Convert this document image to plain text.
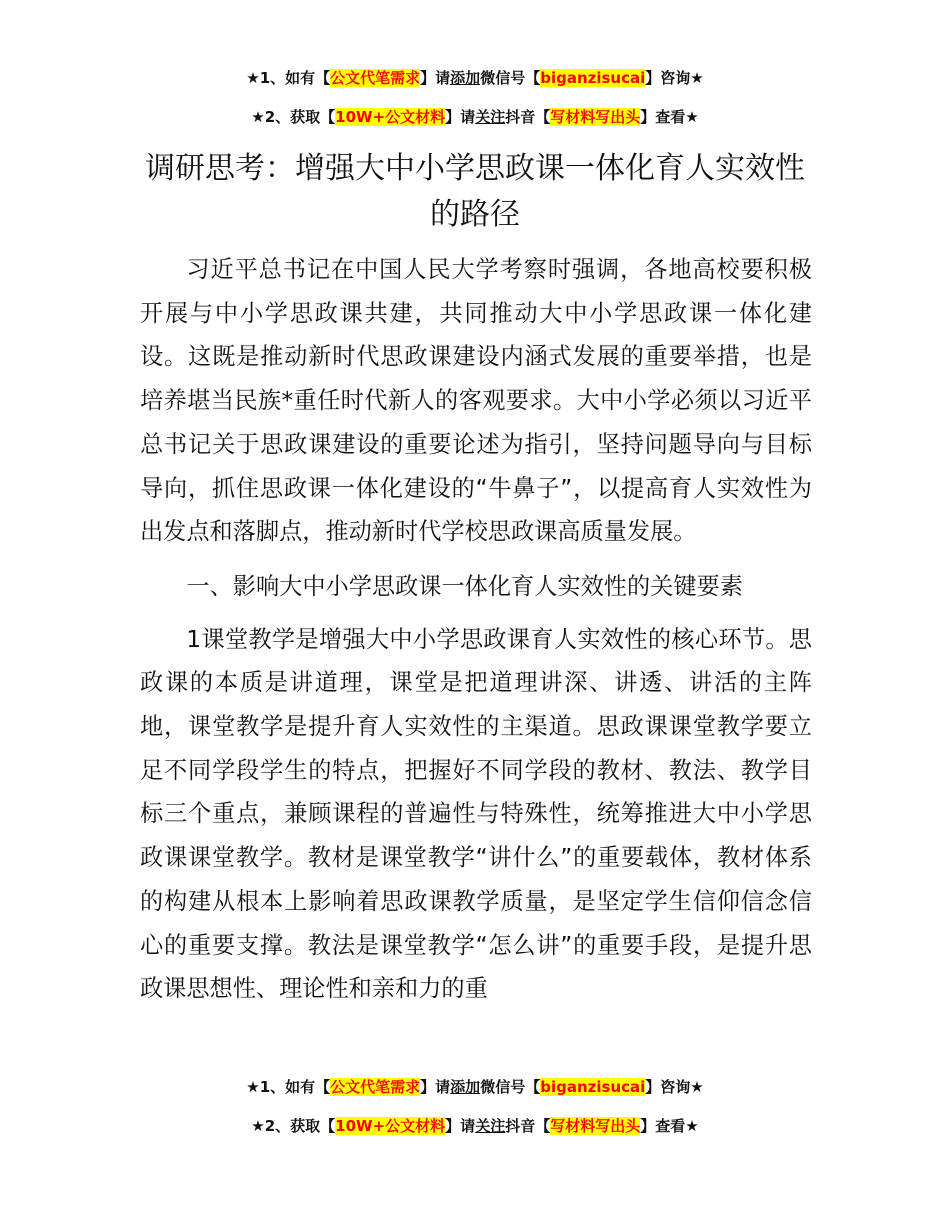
★1、如有【公文代笔需求】请添加微信号【biganzisucai】咨询★
★2、获取【10W+公文材料】请关注抖音【写材料写出头】查看★
调研思考：增强大中小学思政课一体化育人实效性的路径

习近平总书记在中国人民大学考察时强调，各地高校要积极开展与中小学思政课共建，共同推动大中小学思政课一体化建设。这既是推动新时代思政课建设内涵式发展的重要举措，也是培养堪当民族*重任时代新人的客观要求。大中小学必须以习近平总书记关于思政课建设的重要论述为指引，坚持问题导向与目标导向，抓住思政课一体化建设的“牛鼻子”，以提高育人实效性为出发点和落脚点，推动新时代学校思政课高质量发展。

一、影响大中小学思政课一体化育人实效性的关键要素

1课堂教学是增强大中小学思政课育人实效性的核心环节。思政课的本质是讲道理，课堂是把道理讲深、讲透、讲活的主阵地，课堂教学是提升育人实效性的主渠道。思政课课堂教学要立足不同学段学生的特点，把握好不同学段的教材、教法、教学目标三个重点，兼顾课程的普遍性与特殊性，统筹推进大中小学思政课课堂教学。教材是课堂教学“讲什么”的重要载体，教材体系的构建从根本上影响着思政课教学质量，是坚定学生信仰信念信心的重要支撑。教法是课堂教学“怎么讲”的重要手段，是提升思政课思想性、理论性和亲和力的重

★1、如有【公文代笔需求】请添加微信号【biganzisucai】咨询★
★2、获取【10W+公文材料】请关注抖音【写材料写出头】查看★
